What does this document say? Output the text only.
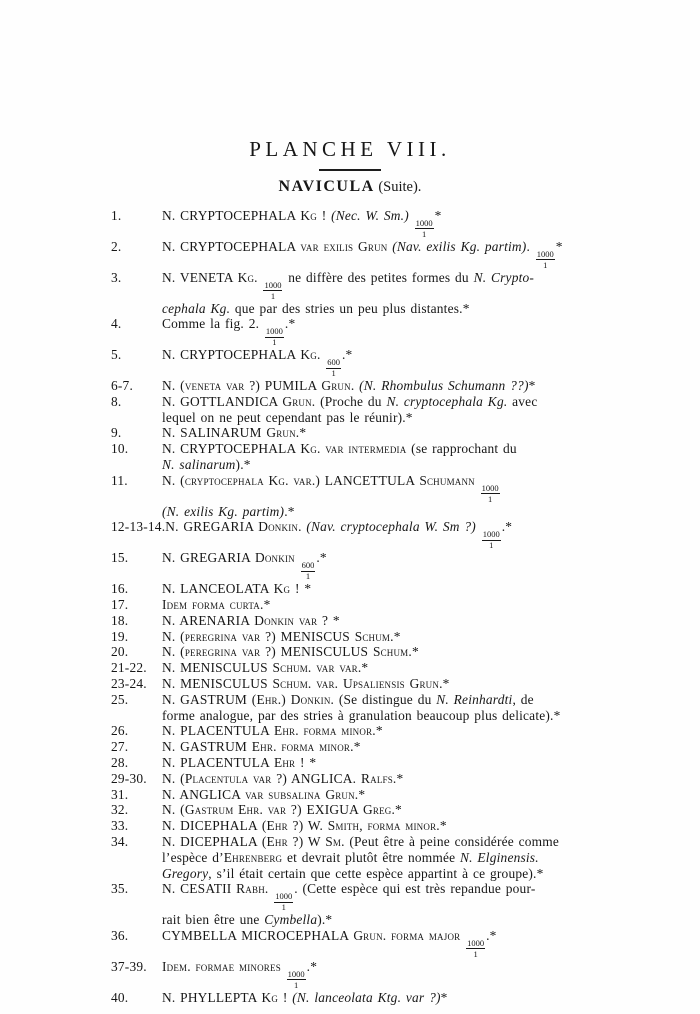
PLANCHE VIII.
NAVICULA (Suite).
1.	N. CRYPTOCEPHALA Kg ! (Nec. W. Sm.)
$\frac{1000}{1}$
*
2.	N. CRYPTOCEPHALA var exilis Grun (Nav. exilis Kg. partim).
$\frac{1000}{1}$
*
3.	N. VENETA Kg.
$\frac{1000}{1}$
ne diffère des petites formes du N. Crypto-
cephala Kg. que par des stries un peu plus distantes.*
4.	Comme la fig. 2.
$\frac{1000}{1}$
.*
5.	N. CRYPTOCEPHALA Kg.
$\frac{600}{1}$
.*
6-7.	N. (veneta var ?) PUMILA Grun. (N. Rhombulus Schumann ??)*
8.	N. GOTTLANDICA Grun. (Proche du N. cryptocephala Kg. avec
lequel on ne peut cependant pas le réunir).*
9.	N. SALINARUM Grun.*
10.	N. CRYPTOCEPHALA Kg. var intermedia (se rapprochant du
N. salinarum).*
11.	N. (cryptocephala Kg. var.) LANCETTULA Schumann
$\frac{1000}{1}$

(N. exilis Kg. partim).*
12-13-14. N. GREGARIA Donkin. (Nav. cryptocephala W. Sm ?)
$\frac{1000}{1}$
.*
15.	N. GREGARIA Donkin
$\frac{600}{1}$
.*
16.	N. LANCEOLATA Kg ! *
17.	Idem forma curta.*
18.	N. ARENARIA Donkin var ? *
19.	N. (peregrina var ?) MENISCUS Schum.*
20.	N. (peregrina var ?) MENISCULUS Schum.*
21-22.	N. MENISCULUS Schum. var var.*
23-24.	N. MENISCULUS Schum. var. Upsaliensis Grun.*
25.	N. GASTRUM (Ehr.) Donkin. (Se distingue du N. Reinhardti, de
forme analogue, par des stries à granulation beaucoup plus delicate).*
26.	N. PLACENTULA Ehr. forma minor.*
27.	N. GASTRUM Ehr. forma minor.*
28.	N. PLACENTULA Ehr ! *
29-30.	N. (Placentula var ?) ANGLICA. Ralfs.*
31.	N. ANGLICA var subsalina Grun.*
32.	N. (Gastrum Ehr. var ?) EXIGUA Greg.*
33.	N. DICEPHALA (Ehr ?) W. Smith, forma minor.*
34.	N. DICEPHALA (Ehr ?) W Sm. (Peut être à peine considérée comme
l’espèce d’Ehrenberg et devrait plutôt être nommée N. Elginensis.
Gregory, s’il était certain que cette espèce appartint à ce groupe).*
35.	N. CESATII Rabh.
$\frac{1000}{1}$
. (Cette espèce qui est très repandue pour-
rait bien être une Cymbella).*
36.	CYMBELLA MICROCEPHALA Grun. forma major
$\frac{1000}{1}$
.*
37-39.	Idem. formae minores
$\frac{1000}{1}$
.*
40.	N. PHYLLEPTA Kg ! (N. lanceolata Ktg. var ?)*
